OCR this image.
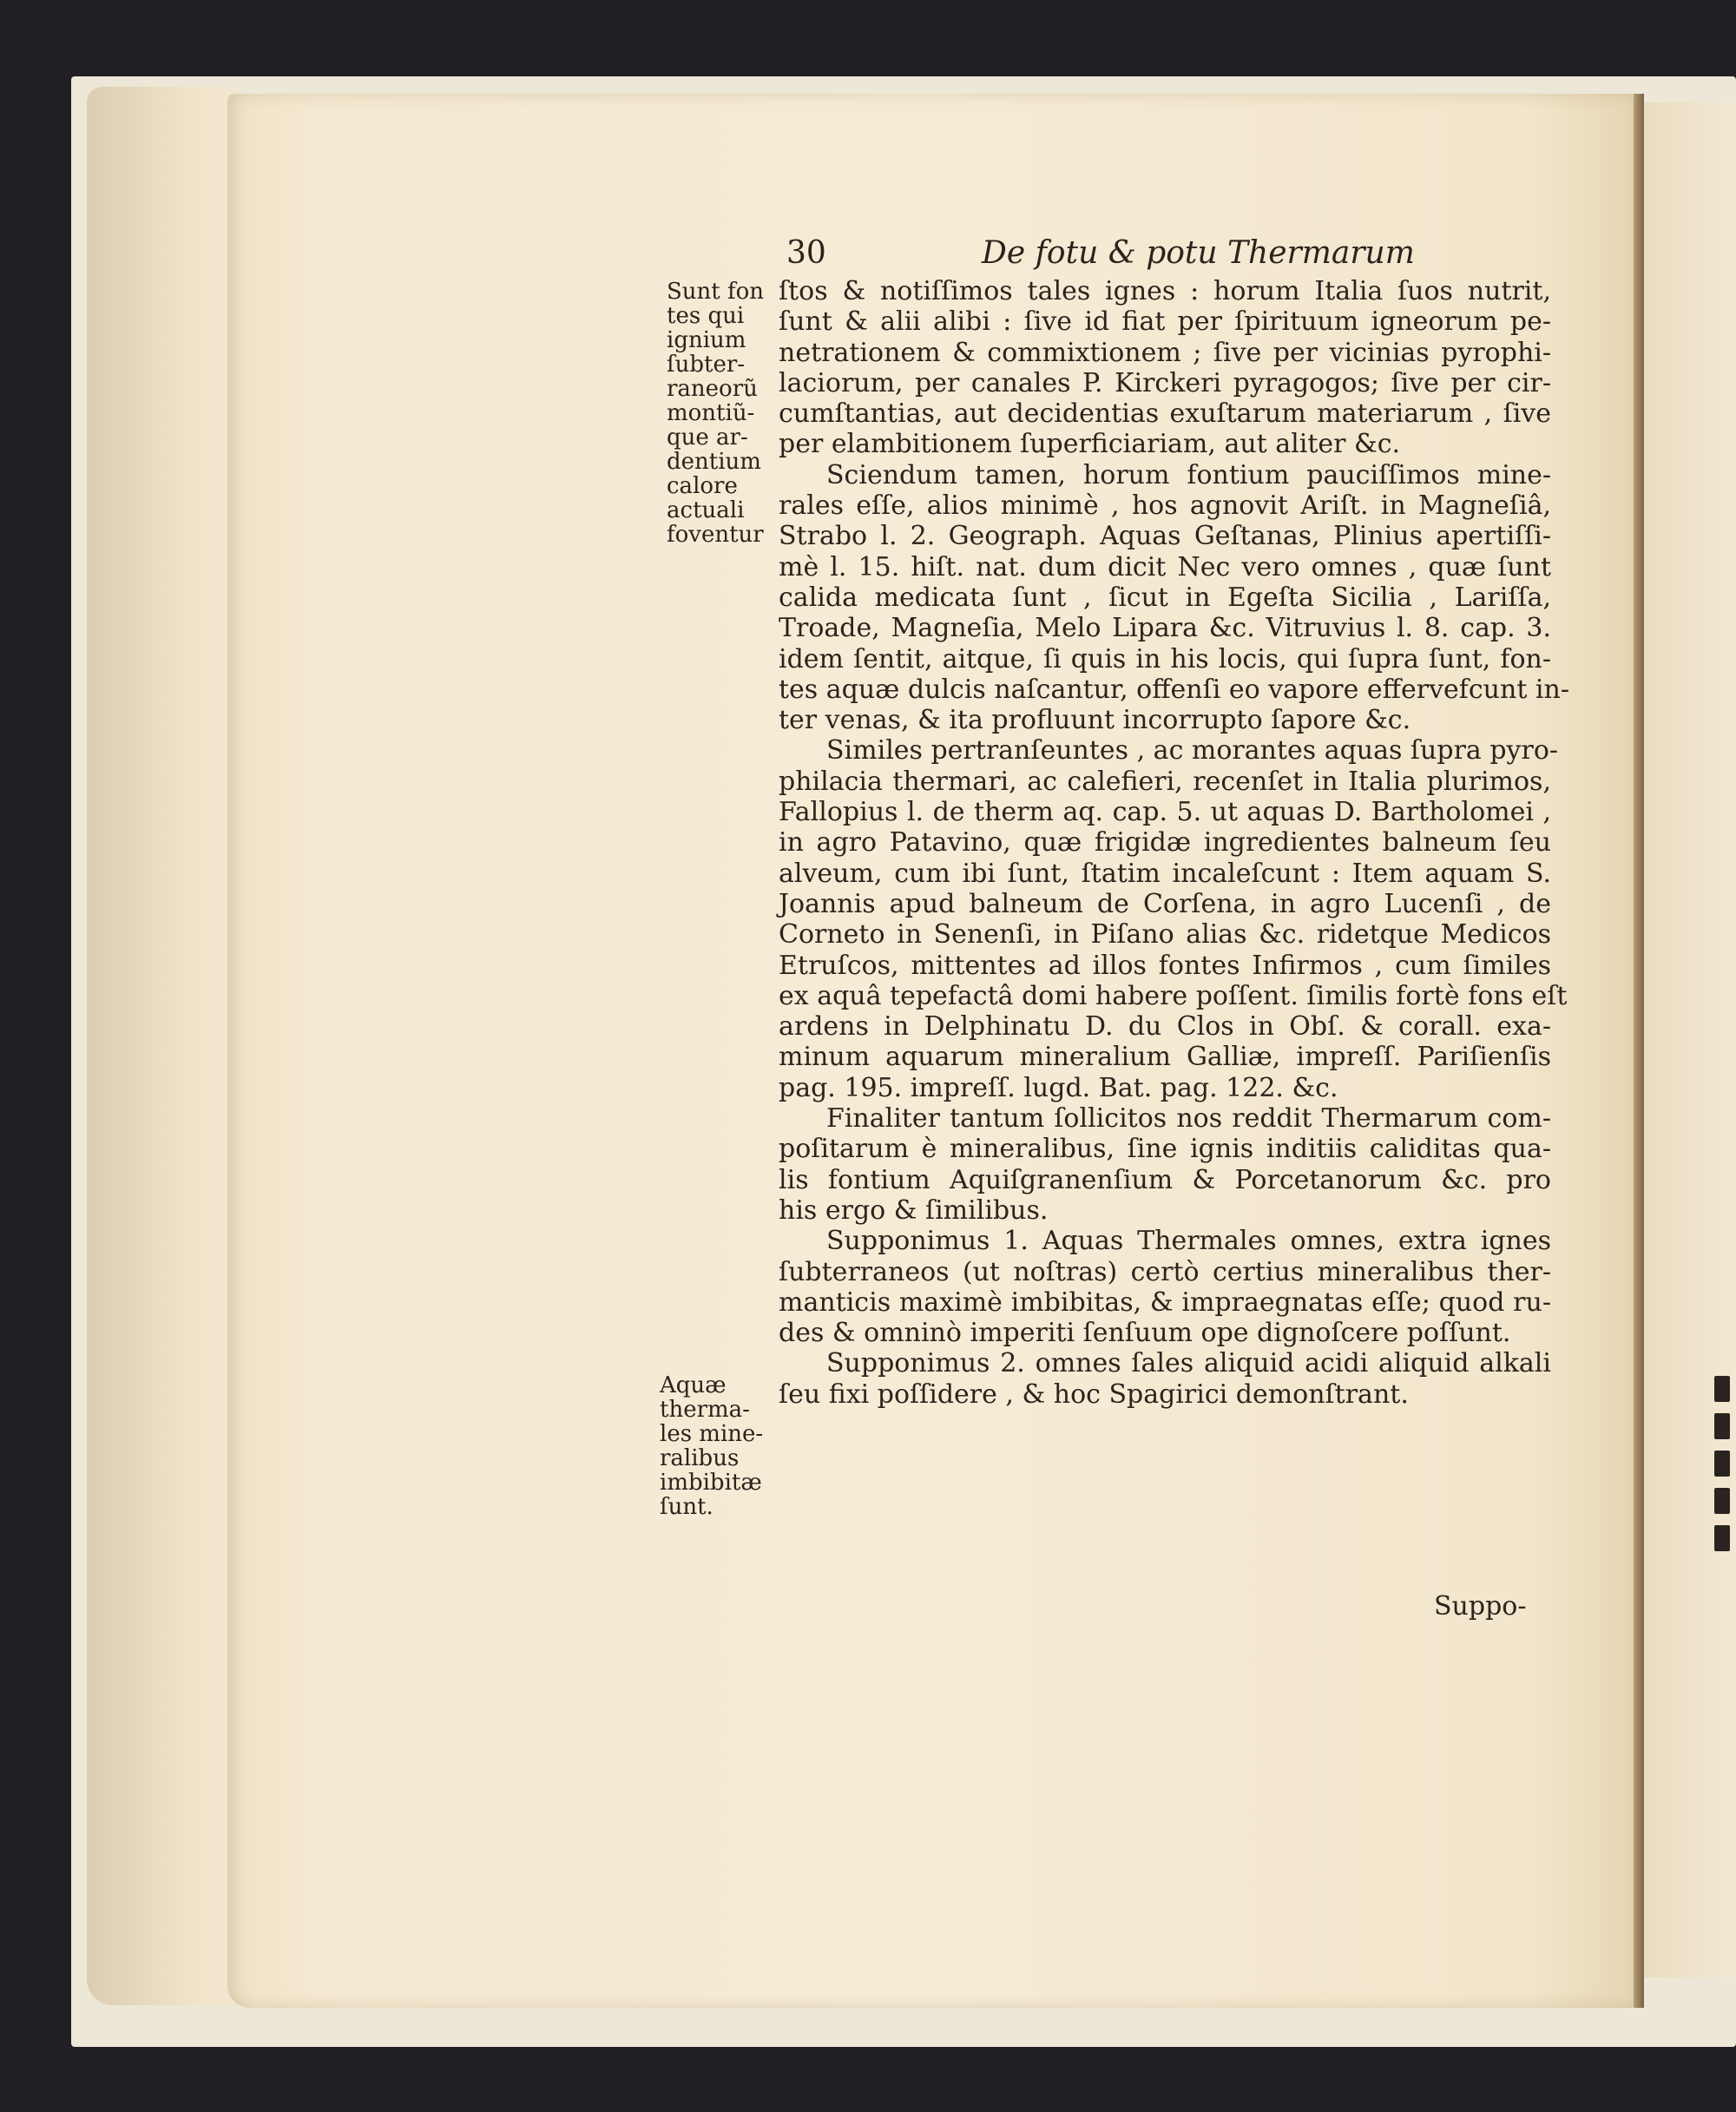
30	De fotu & potu Thermarum
Sunt fon
tes qui
ignium
ſubter-
raneorũ
montiũ-
que ar-
dentium
calore
actuali
foventur
Aquæ
therma-
les mine-
ralibus
imbibitæ
ſunt.
ſtos & notiſſimos tales ignes : horum Italia ſuos nutrit,
ſunt & alii alibi : ſive id fiat per ſpirituum igneorum pe-
netrationem & commixtionem ; ſive per vicinias pyrophi-
laciorum, per canales P. Kirckeri pyragogos; ſive per cir-
cumſtantias, aut decidentias exuſtarum materiarum , ſive
per elambitionem ſuperficiariam, aut aliter &c.
Sciendum tamen, horum fontium pauciſſimos mine-
rales eſſe, alios minimè , hos agnovit Ariſt. in Magneſiâ,
Strabo l. 2. Geograph. Aquas Geſtanas, Plinius apertiſſi-
mè l. 15. hiſt. nat. dum dicit Nec vero omnes , quæ ſunt
calida medicata ſunt , ſicut in Egeſta Sicilia , Lariſſa,
Troade, Magneſia, Melo Lipara &c. Vitruvius l. 8. cap. 3.
idem ſentit, aitque, ſi quis in his locis, qui ſupra ſunt, fon-
tes aquæ dulcis naſcantur, offenſi eo vapore effervefcunt in-
ter venas, & ita profluunt incorrupto ſapore &c.
Similes pertranſeuntes , ac morantes aquas ſupra pyro-
philacia thermari, ac calefieri, recenſet in Italia plurimos,
Fallopius l. de therm aq. cap. 5. ut aquas D. Bartholomei ,
in agro Patavino, quæ frigidæ ingredientes balneum ſeu
alveum, cum ibi ſunt, ſtatim incaleſcunt : Item aquam S.
Joannis apud balneum de Corſena, in agro Lucenſi , de
Corneto in Senenſi, in Piſano alias &c. ridetque Medicos
Etruſcos, mittentes ad illos fontes Infirmos , cum ſimiles
ex aquâ tepefactâ domi habere poſſent. ſimilis fortè fons eſt
ardens in Delphinatu D. du Clos in Obſ. & corall. exa-
minum aquarum mineralium Galliæ, impreſſ. Pariſienſis
pag. 195. impreſſ. lugd. Bat. pag. 122. &c.
Finaliter tantum ſollicitos nos reddit Thermarum com-
poſitarum è mineralibus, ſine ignis inditiis caliditas qua-
lis fontium Aquiſgranenſium & Porcetanorum &c. pro
his ergo & ſimilibus.
Supponimus 1. Aquas Thermales omnes, extra ignes
ſubterraneos (ut noſtras) certò certius mineralibus ther-
manticis maximè imbibitas, & impraegnatas eſſe; quod ru-
des & omninò imperiti ſenſuum ope dignoſcere poſſunt.
Supponimus 2. omnes ſales aliquid acidi aliquid alkali
ſeu fixi poſſidere , & hoc Spagirici demonſtrant.
Suppo-
